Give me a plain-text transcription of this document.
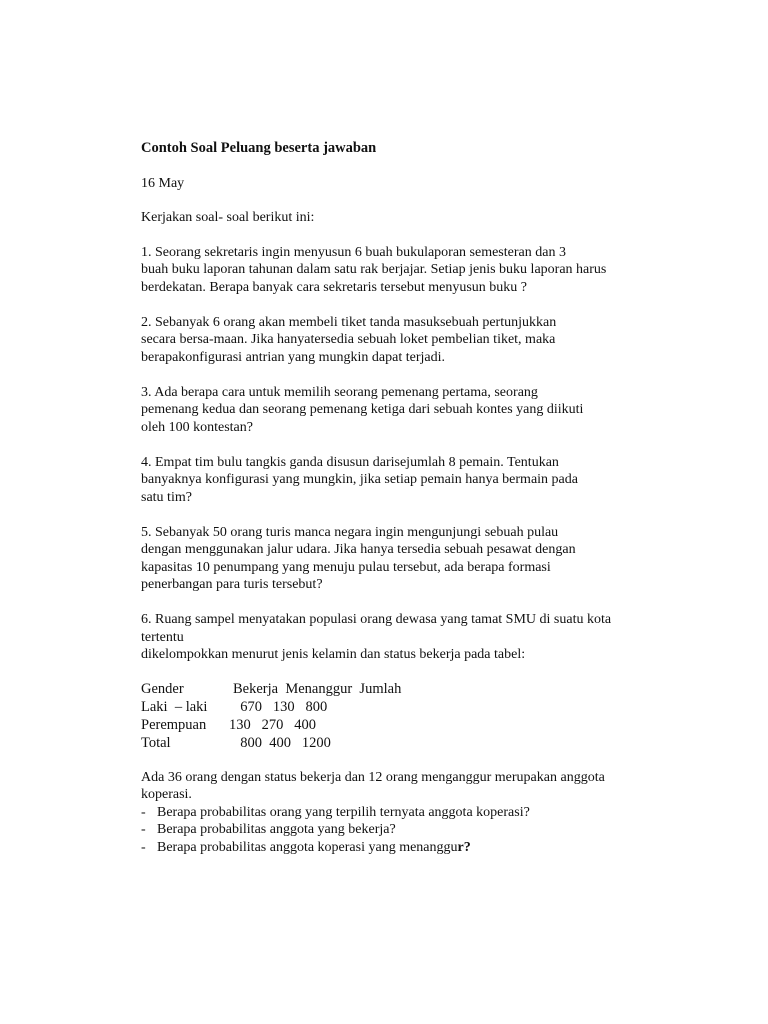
Contoh Soal Peluang beserta jawaban
16 May
Kerjakan soal- soal berikut ini:

1. Seorang sekretaris ingin menyusun 6 buah bukulaporan semesteran dan 3

buah buku laporan tahunan dalam satu rak berjajar. Setiap jenis buku laporan harus

berdekatan. Berapa banyak cara sekretaris tersebut menyusun buku ?

2. Sebanyak 6 orang akan membeli tiket tanda masuksebuah pertunjukkan

secara bersa-maan. Jika hanyatersedia sebuah loket pembelian tiket, maka

berapakonfigurasi antrian yang mungkin dapat terjadi.

3. Ada berapa cara untuk memilih seorang pemenang pertama, seorang

pemenang kedua dan seorang pemenang ketiga dari sebuah kontes yang diikuti

oleh 100 kontestan?

4. Empat tim bulu tangkis ganda disusun darisejumlah 8 pemain. Tentukan

banyaknya konfigurasi yang mungkin, jika setiap pemain hanya bermain pada

satu tim?

5. Sebanyak 50 orang turis manca negara ingin mengunjungi sebuah pulau

dengan menggunakan jalur udara. Jika hanya tersedia sebuah pesawat dengan

kapasitas 10 penumpang yang menuju pulau tersebut, ada berapa formasi

penerbangan para turis tersebut?

6. Ruang sampel menyatakan populasi orang dewasa yang tamat SMU di suatu kota

tertentu

dikelompokkan menurut jenis kelamin dan status bekerja pada tabel:

Gender	Bekerja  Menanggur  Jumlah
Laki  – laki	670   130   800
Perempuan	130   270   400
Total	800  400   1200

Ada 36 orang dengan status bekerja dan 12 orang menganggur merupakan anggota

koperasi.

- Berapa probabilitas orang yang terpilih ternyata anggota koperasi?
- Berapa probabilitas anggota yang bekerja?
- Berapa probabilitas anggota koperasi yang menanggur?
